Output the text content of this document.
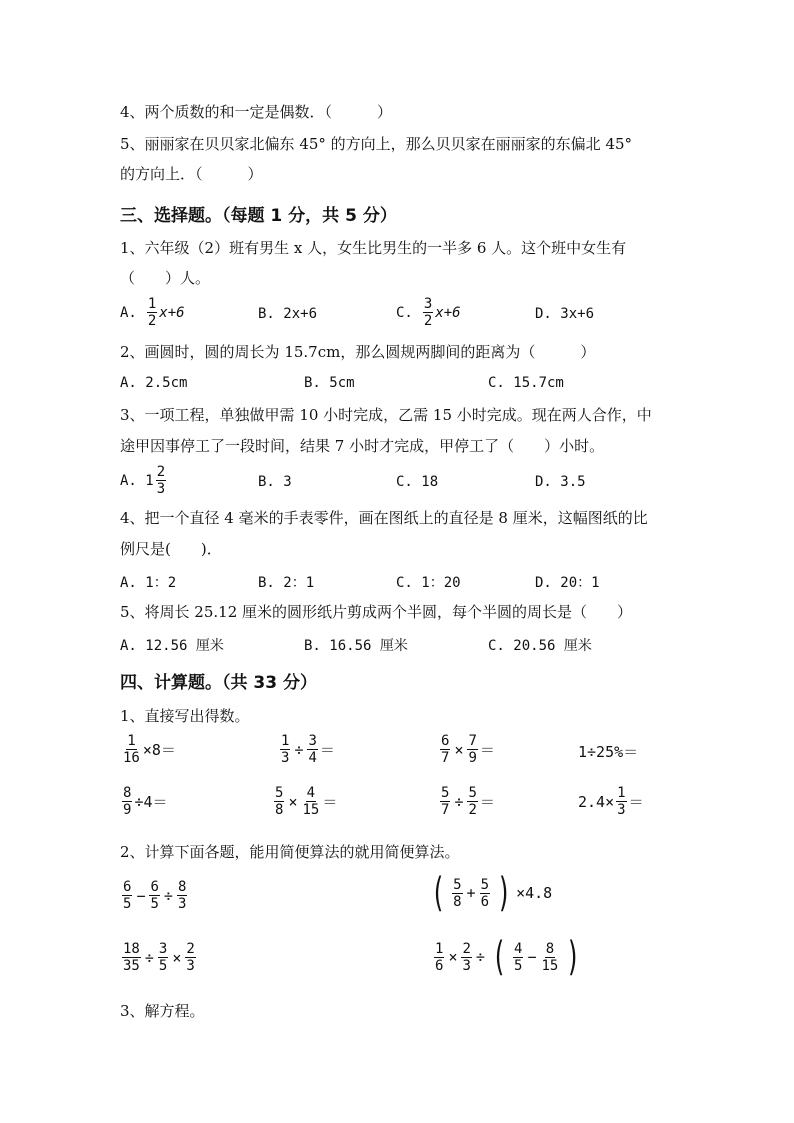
4、两个质数的和一定是偶数．（　　　）
5、丽丽家在贝贝家北偏东 45° 的方向上，那么贝贝家在丽丽家的东偏北 45°
的方向上．（　　　）
三、选择题。（每题 1 分，共 5 分）
1、六年级（2）班有男生 x 人，女生比男生的一半多 6 人。这个班中女生有
（　　）人。
A. $\frac{1}{2} x+6$	B. 2x+6	C. $\frac{3}{2} x+6$	D. 3x+6
2、画圆时，圆的周长为 15.7cm，那么圆规两脚间的距离为（　　　）
A. 2.5cm	B. 5cm	C. 15.7cm
3、一项工程，单独做甲需 10 小时完成，乙需 15 小时完成。现在两人合作，中
途甲因事停工了一段时间，结果 7 小时才完成，甲停工了（　　）小时。
A. $1 \frac{2}{3}$	B. 3	C. 18	D. 3.5
4、把一个直径 4 毫米的手表零件，画在图纸上的直径是 8 厘米，这幅图纸的比
例尺是(　　)．
A. 1：2	B. 2：1	C. 1：20	D. 20：1
5、将周长 25.12 厘米的圆形纸片剪成两个半圆，每个半圆的周长是（　　）
A. 12.56 厘米	B. 16.56 厘米	C. 20.56 厘米
四、计算题。（共 33 分）
1、直接写出得数。
$\frac{1}{16} \times 8=$	$\frac{1}{3} \div \frac{3}{4}$ ＝	$\frac{6}{7} \times \frac{7}{9}$ ＝	1÷25%＝
$\frac{8}{9} \div 4=$	$\frac{5}{8} \times \frac{4}{15}$ ＝	$\frac{5}{7} \div \frac{5}{2}$ ＝	$2.4\times \frac{1}{3}$ ＝
2、计算下面各题，能用简便算法的就用简便算法。
$\frac{6}{5} - \frac{6}{5} \div \frac{8}{3}$	( $\frac{5}{8} + \frac{5}{6}$ ) ×4.8
$\frac{18}{35} \div \frac{3}{5} \times \frac{2}{3}$	$\frac{1}{6} \times \frac{2}{3}$ ÷ ( $\frac{4}{5} - \frac{8}{15}$ )
3、解方程。
